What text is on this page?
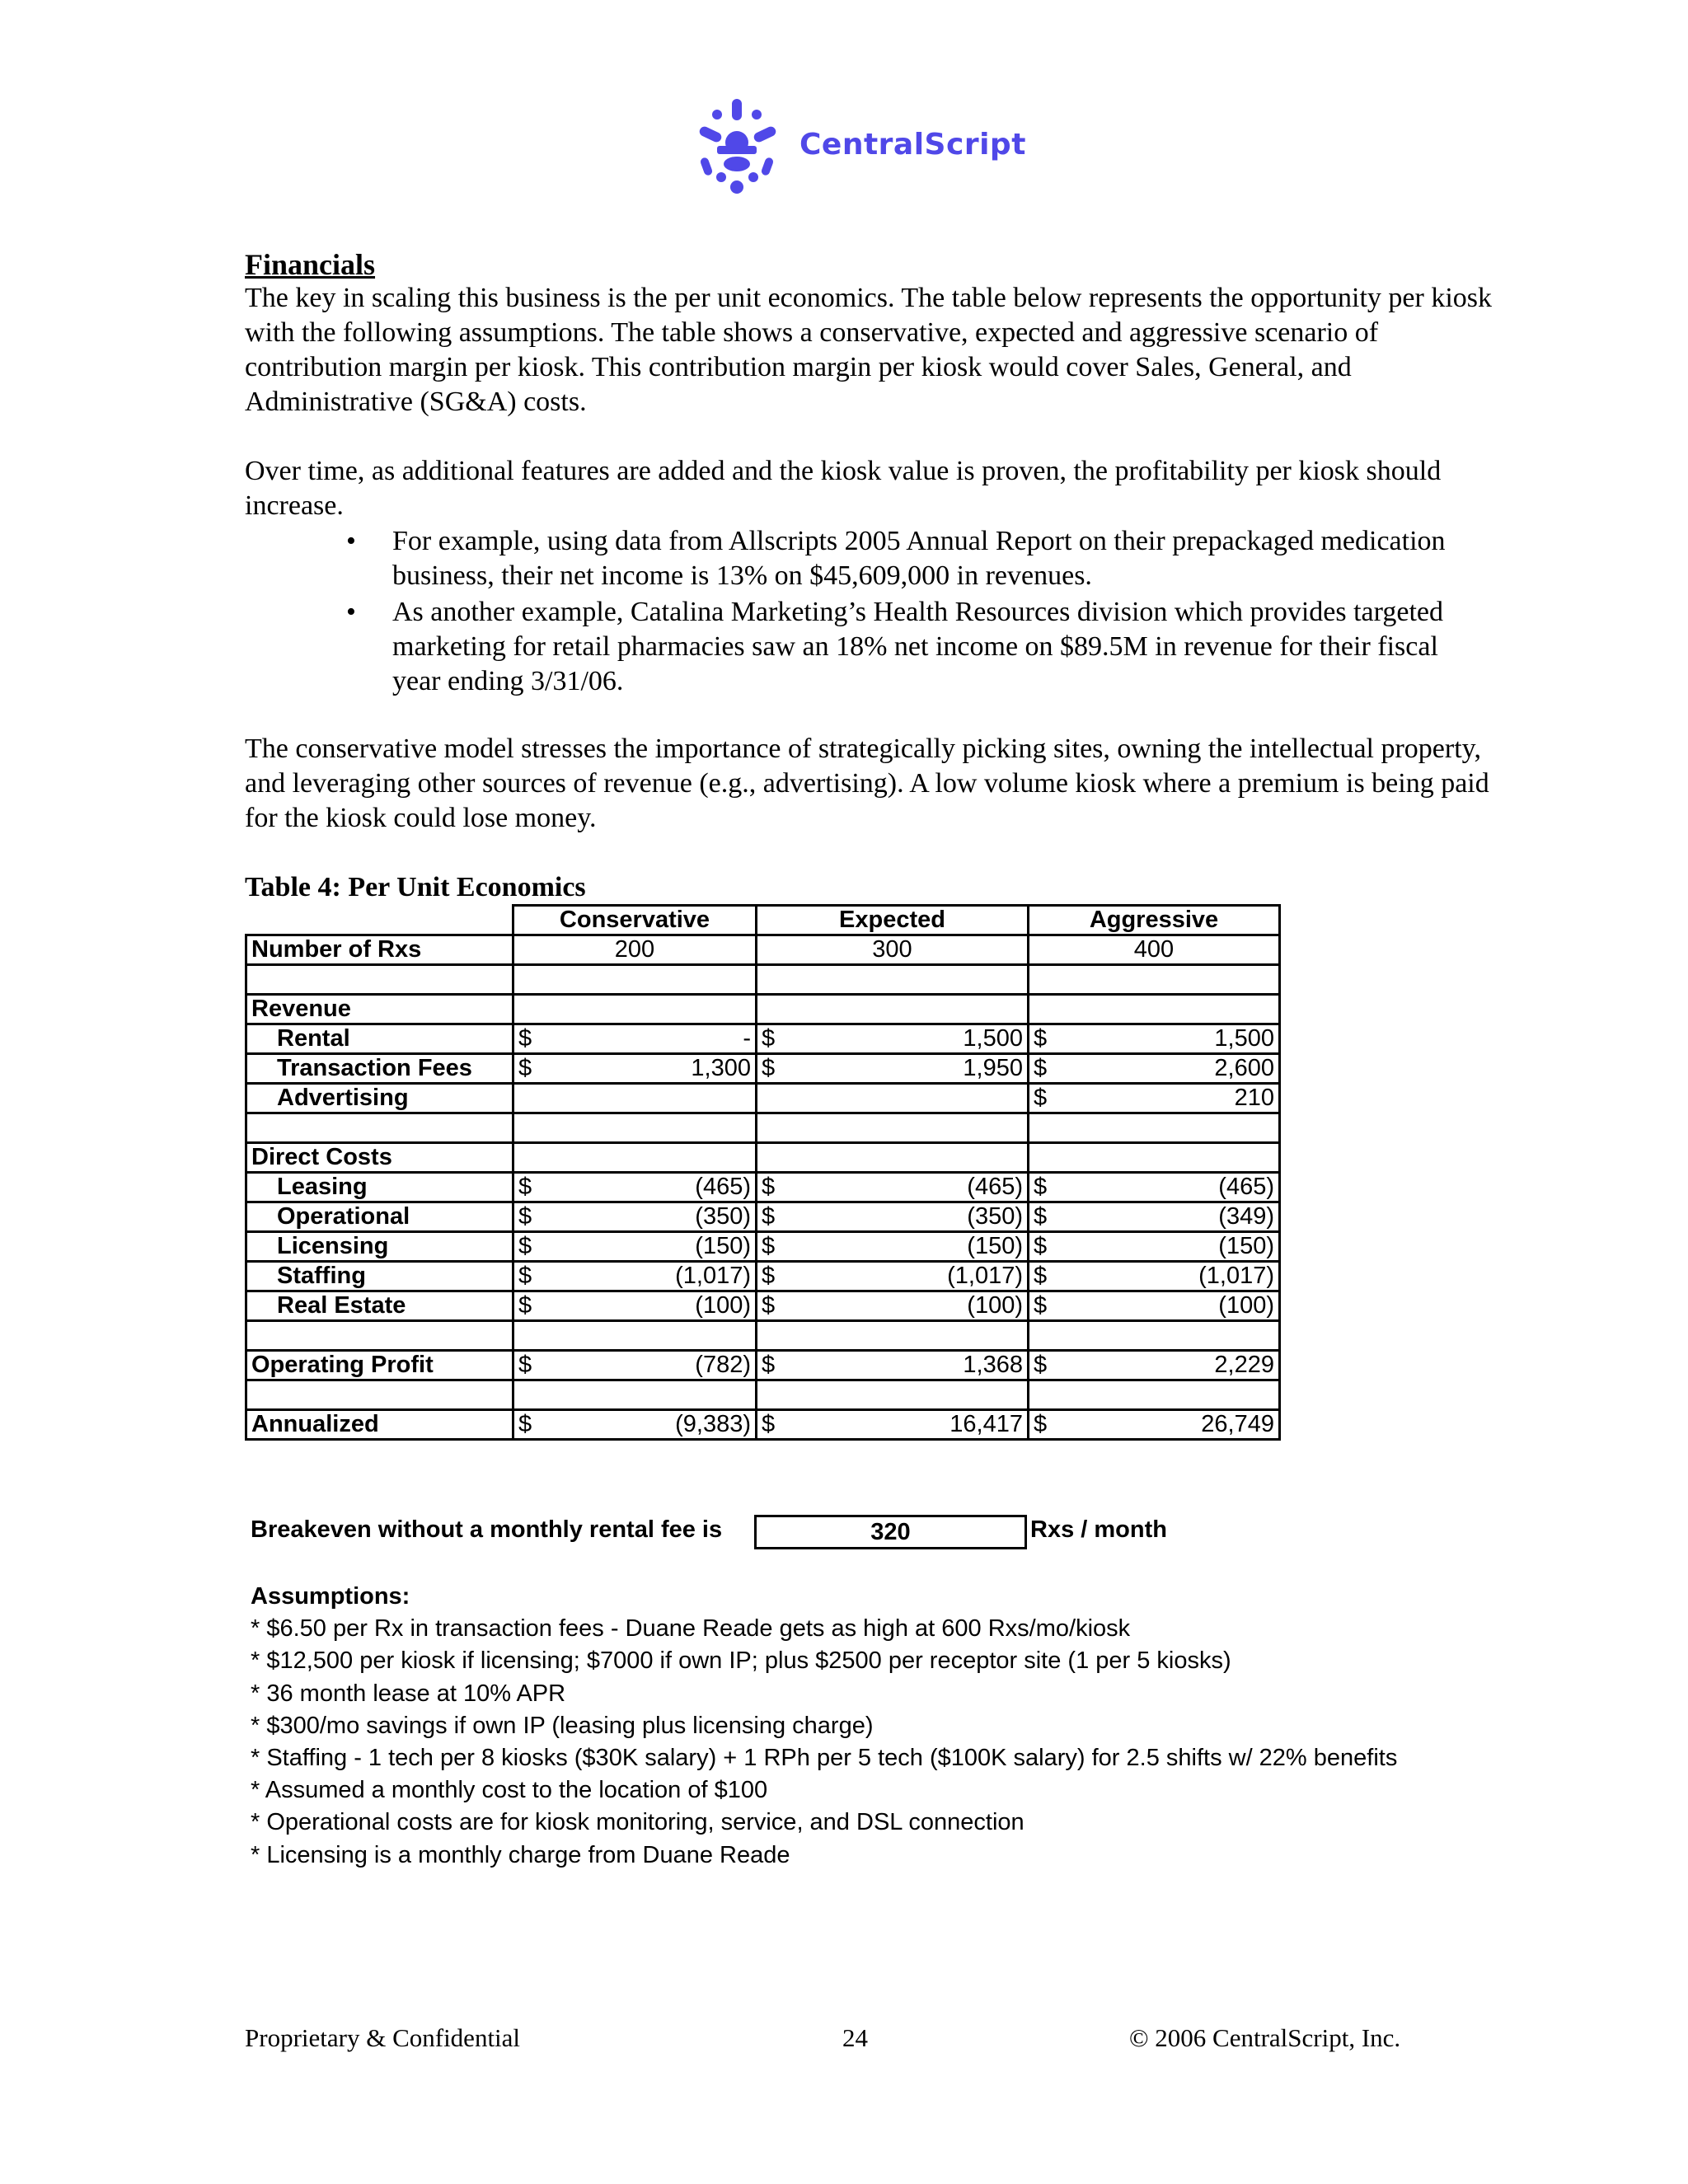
CentralScript
Financials

The key in scaling this business is the per unit economics. The table below represents the opportunity per kiosk with the following assumptions. The table shows a conservative, expected and aggressive scenario of contribution margin per kiosk. This contribution margin per kiosk would cover Sales, General, and Administrative (SG&A) costs.

Over time, as additional features are added and the kiosk value is proven, the profitability per kiosk should increase.

• For example, using data from Allscripts 2005 Annual Report on their prepackaged medication business, their net income is 13% on $45,609,000 in revenues.

• As another example, Catalina Marketing’s Health Resources division which provides targeted marketing for retail pharmacies saw an 18% net income on $89.5M in revenue for their fiscal year ending 3/31/06.

The conservative model stresses the importance of strategically picking sites, owning the intellectual property, and leveraging other sources of revenue (e.g., advertising). A low volume kiosk where a premium is being paid for the kiosk could lose money.

Table 4: Per Unit Economics
	Conservative	Expected	Aggressive
Number of Rxs	200	300	400

Revenue			
Rental	$ -	$ 1,500	$ 1,500

Transaction Fees	$ 1,300	$ 1,950	$ 2,600

Advertising			$ 210

Direct Costs			
Leasing	$ (465)	$ (465)	$ (465)

Operational	$ (350)	$ (350)	$ (349)

Licensing	$ (150)	$ (150)	$ (150)

Staffing	$ (1,017)	$ (1,017)	$ (1,017)

Real Estate	$ (100)	$ (100)	$ (100)

Operating Profit	$ (782)	$ 1,368	$ 2,229

Annualized	$ (9,383)	$ 16,417	$ 26,749
Breakeven without a monthly rental fee is	320	Rxs / month
Assumptions:
* $6.50 per Rx in transaction fees - Duane Reade gets as high at 600 Rxs/mo/kiosk
* $12,500 per kiosk if licensing; $7000 if own IP; plus $2500 per receptor site (1 per 5 kiosks)
* 36 month lease at 10% APR
* $300/mo savings if own IP (leasing plus licensing charge)
* Staffing - 1 tech per 8 kiosks ($30K salary) + 1 RPh per 5 tech ($100K salary) for 2.5 shifts w/ 22% benefits
* Assumed a monthly cost to the location of $100
* Operational costs are for kiosk monitoring, service, and DSL connection
* Licensing is a monthly charge from Duane Reade
Proprietary & Confidential	24	© 2006 CentralScript, Inc.
